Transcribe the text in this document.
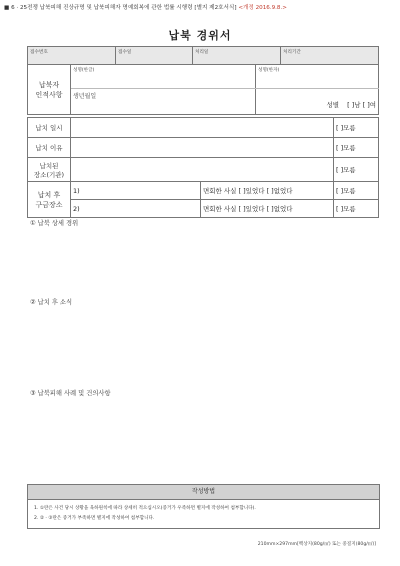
■ 6 · 25전쟁 납북피해 진상규명 및 납북피해자 명예회복에 관한 법률 시행령 [별지 제2호서식] <개정 2016.9.8.>
납북 경위서
접수번호		접수일	처리일		처리기간
납북자
인적사항	성명(한글)			성명(한자)	
	생년월일			성별 [ ]남 [ ]여	
납치 일시			[ ]모름
납치 이유			[ ]모름
납치된
장소(기관)			[ ]모름
납치 후
구금장소	1)	면회한 사실 [ ]있었다 [ ]없었다	[ ]모름
	2)	면회한 사실 [ ]있었다 [ ]없었다	[ ]모름
① 납북 상세 경위
② 납치 후 소식
③ 납북피해 사례 및 건의사항
작성방법
1. ①란은 사건 당시 상황을 육하원칙에 따라 상세히 적으십시오(증거가 우족하면 별지에 작성하여 첨부합니다).
2. ② · ③란은 증거가 부족하면 별지에 작성하여 첨부합니다.
210mm×297mm[백상지(80g/㎡) 또는 중질지(80g/㎡)]
